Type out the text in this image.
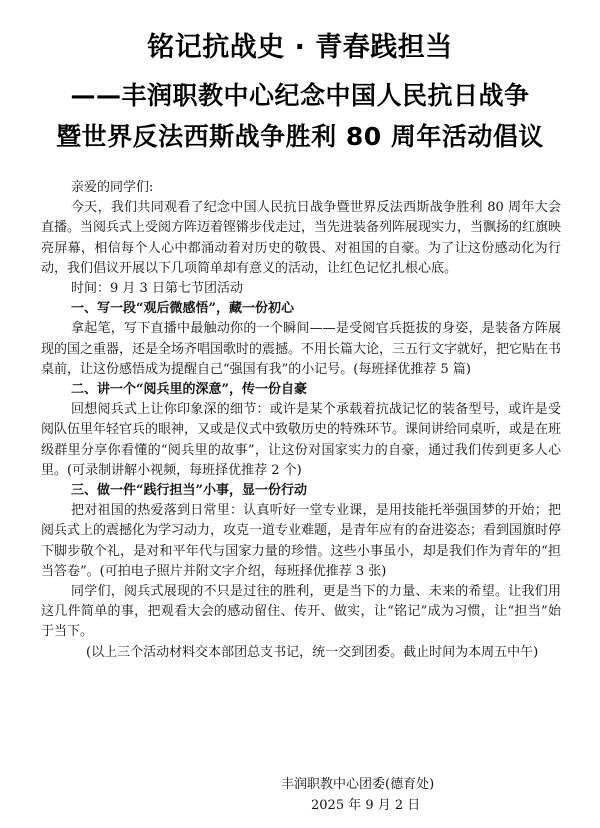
铭记抗战史 · 青春践担当
——丰润职教中心纪念中国人民抗日战争
暨世界反法西斯战争胜利 80 周年活动倡议

亲爱的同学们:

今天，我们共同观看了纪念中国人民抗日战争暨世界反法西斯战争胜利 80 周年大会直播。当阅兵式上受阅方阵迈着铿锵步伐走过，当先进装备列阵展现实力，当飘扬的红旗映亮屏幕，相信每个人心中都涌动着对历史的敬畏、对祖国的自豪。为了让这份感动化为行动，我们倡议开展以下几项简单却有意义的活动，让红色记忆扎根心底。

时间：9 月 3 日第七节团活动

一、写一段“观后微感悟”，藏一份初心

拿起笔，写下直播中最触动你的一个瞬间——是受阅官兵挺拔的身姿，是装备方阵展现的国之重器，还是全场齐唱国歌时的震撼。不用长篇大论，三五行文字就好，把它贴在书桌前，让这份感悟成为提醒自己“强国有我”的小记号。(每班择优推荐 5 篇)

二、讲一个“阅兵里的深意”，传一份自豪

回想阅兵式上让你印象深的细节：或许是某个承载着抗战记忆的装备型号，或许是受阅队伍里年轻官兵的眼神，又或是仪式中致敬历史的特殊环节。课间讲给同桌听，或是在班级群里分享你看懂的“阅兵里的故事”，让这份对国家实力的自豪，通过我们传到更多人心里。(可录制讲解小视频，每班择优推荐 2 个)

三、做一件“践行担当”小事，显一份行动

把对祖国的热爱落到日常里：认真听好一堂专业课，是用技能托举强国梦的开始；把阅兵式上的震撼化为学习动力，攻克一道专业难题，是青年应有的奋进姿态；看到国旗时停下脚步敬个礼，是对和平年代与国家力量的珍惜。这些小事虽小，却是我们作为青年的“担当答卷”。(可拍电子照片并附文字介绍，每班择优推荐 3 张)

同学们，阅兵式展现的不只是过往的胜利，更是当下的力量、未来的希望。让我们用这几件简单的事，把观看大会的感动留住、传开、做实，让“铭记”成为习惯，让“担当”始于当下。

(以上三个活动材料交本部团总支书记，统一交到团委。截止时间为本周五中午)

丰润职教中心团委(德育处)
2025 年 9 月 2 日
